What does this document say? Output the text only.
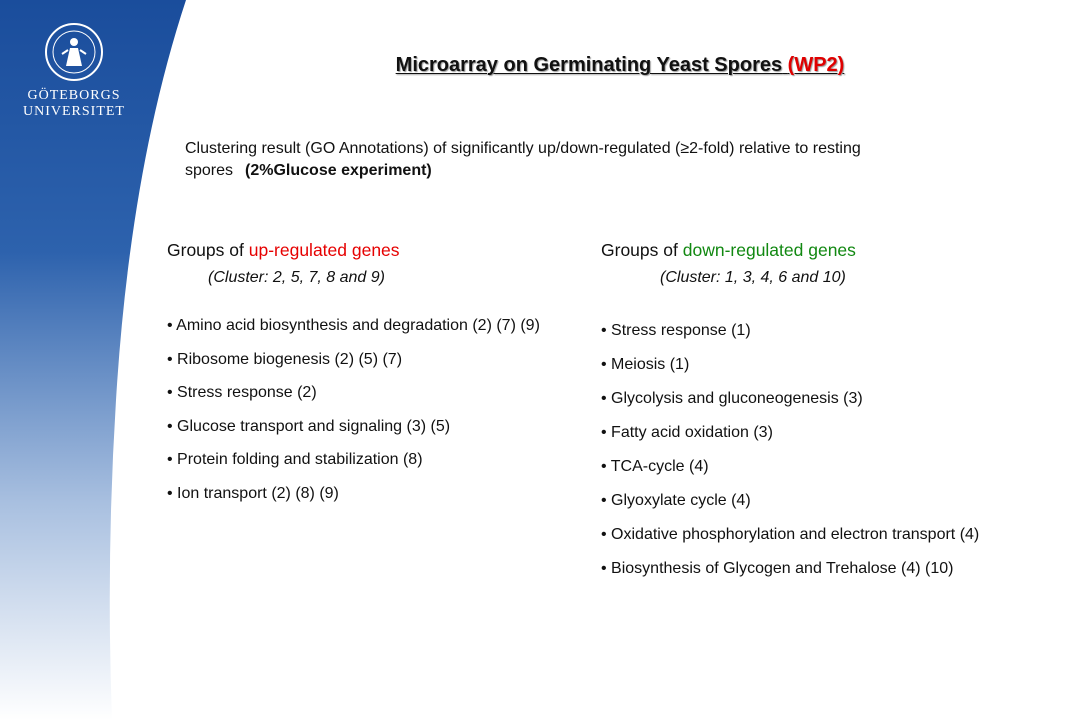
GÖTEBORGS
UNIVERSITET
Microarray on Germinating Yeast Spores (WP2)
Clustering result (GO Annotations) of significantly up/down-regulated (≥2-fold) relative to resting spores (2%Glucose experiment)
Groups of up-regulated genes
(Cluster: 2, 5, 7, 8 and 9)
• Amino acid biosynthesis and degradation (2) (7) (9)
• Ribosome biogenesis (2) (5) (7)
• Stress response (2)
• Glucose transport and signaling (3) (5)
• Protein folding and stabilization (8)
• Ion transport (2) (8) (9)
Groups of down-regulated genes
(Cluster: 1, 3, 4, 6 and 10)
• Stress response (1)
• Meiosis (1)
• Glycolysis and gluconeogenesis (3)
• Fatty acid oxidation (3)
• TCA-cycle (4)
• Glyoxylate cycle (4)
• Oxidative phosphorylation and electron transport (4)
• Biosynthesis of Glycogen and Trehalose (4) (10)
